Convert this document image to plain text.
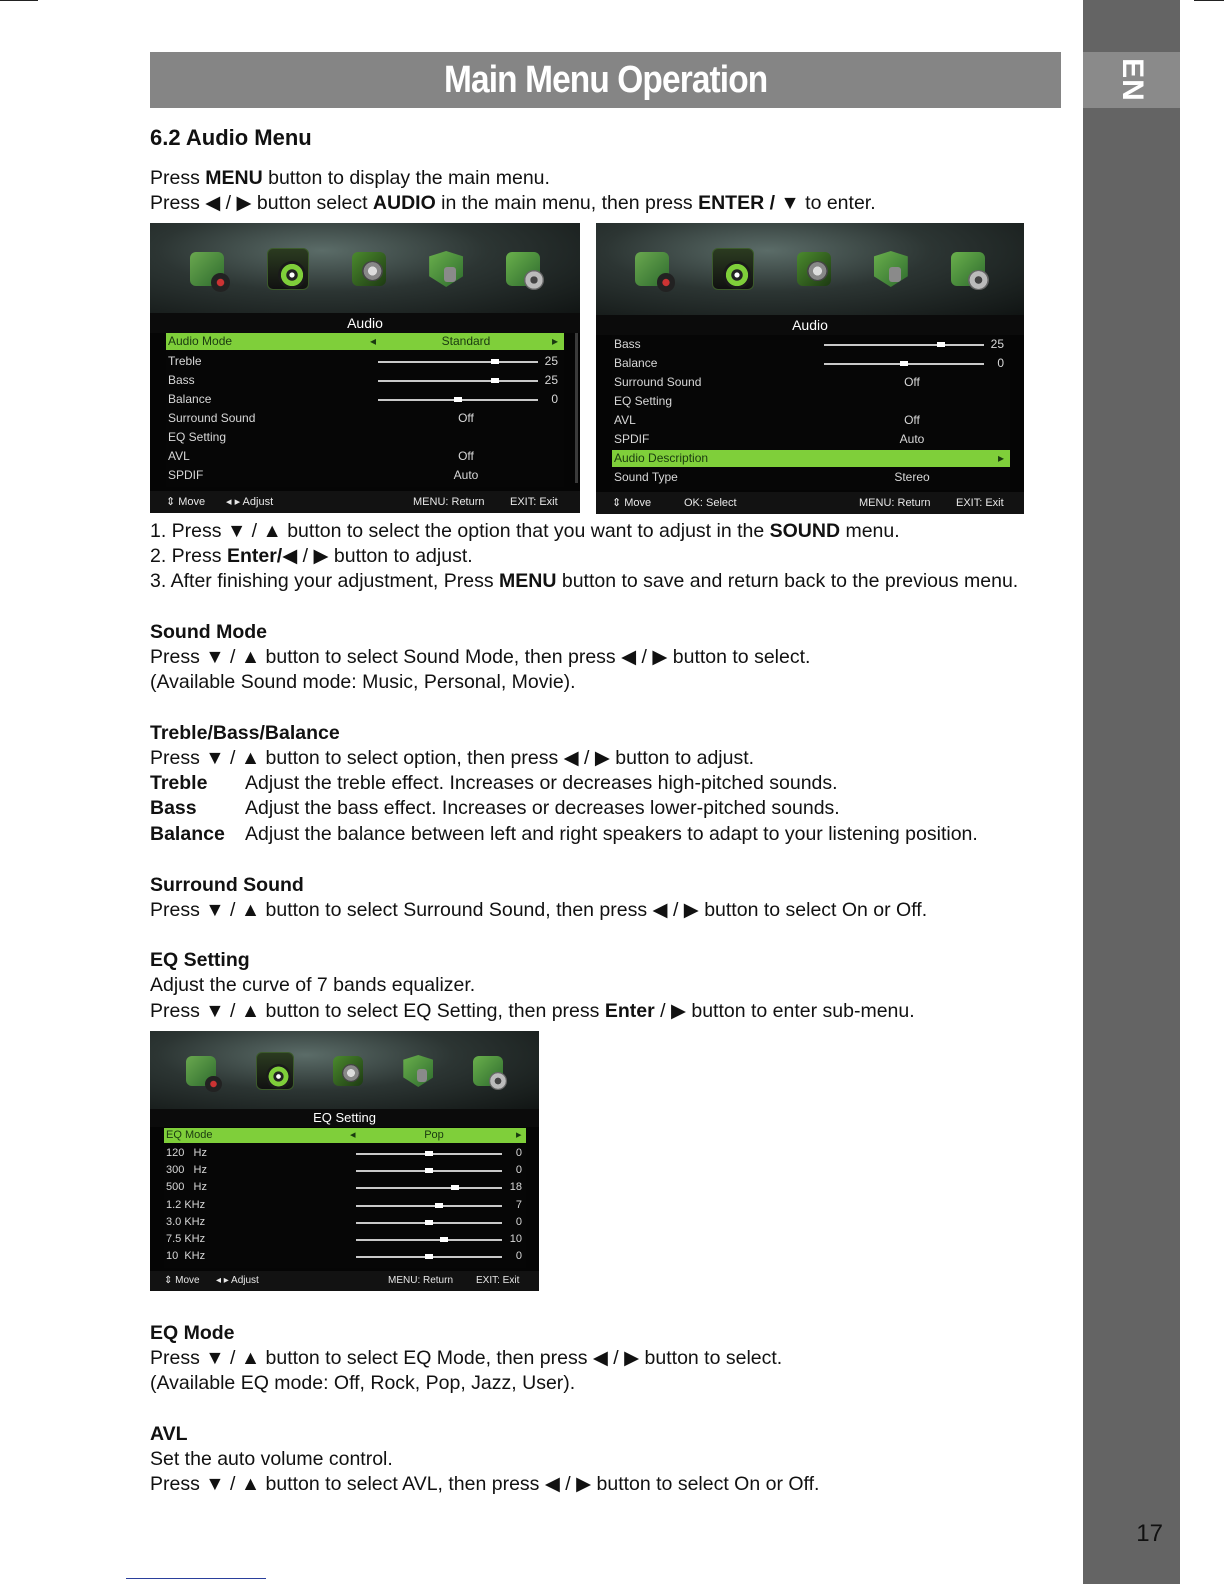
EN
17
Main Menu Operation
6.2 Audio Menu
Press MENU button to display the main menu.
Press ◀ / ▶ button select AUDIO in the main menu, then press ENTER / ▼ to enter.
Audio
Audio Mode	◂	Standard	▸
Treble	25
Bass	25
Balance	0
Surround Sound	Off
EQ Setting
AVL	Off
SPDIF	Auto
⇕ Move ◂ ▸ Adjust	MENU: Return EXIT: Exit
Audio
Bass	25
Balance	0
Surround Sound	Off
EQ Setting
AVL	Off
SPDIF	Auto
Audio Description	▸
Sound Type	Stereo
⇕ Move	OK: Select	MENU: Return EXIT: Exit
1. Press ▼ / ▲ button to select the option that you want to adjust in the SOUND menu.
2. Press Enter/◀ / ▶ button to adjust.
3. After finishing your adjustment, Press MENU button to save and return back to the previous menu.
Sound Mode
Press ▼ / ▲ button to select Sound Mode, then press ◀ / ▶ button to select.
(Available Sound mode: Music, Personal, Movie).
Treble/Bass/Balance
Press ▼ / ▲ button to select option, then press ◀ / ▶ button to adjust.
Treble Adjust the treble effect. Increases or decreases high-pitched sounds.
Bass Adjust the bass effect. Increases or decreases lower-pitched sounds.
Balance Adjust the balance between left and right speakers to adapt to your listening position.
Surround Sound
Press ▼ / ▲ button to select Surround Sound, then press ◀ / ▶ button to select On or Off.
EQ Setting
Adjust the curve of 7 bands equalizer.
Press ▼ / ▲ button to select EQ Setting, then press Enter / ▶ button to enter sub-menu.
EQ Setting
EQ Mode	◂	Pop	▸
120   Hz	0
300   Hz	0
500   Hz	18
1.2 KHz	7
3.0 KHz	0
7.5 KHz	10
10  KHz	0
⇕ Move ◂ ▸ Adjust	MENU: Return EXIT: Exit
EQ Mode
Press ▼ / ▲ button to select EQ Mode, then press ◀ / ▶ button to select.
(Available EQ mode: Off, Rock, Pop, Jazz, User).
AVL
Set the auto volume control.
Press ▼ / ▲ button to select AVL, then press ◀ / ▶ button to select On or Off.
